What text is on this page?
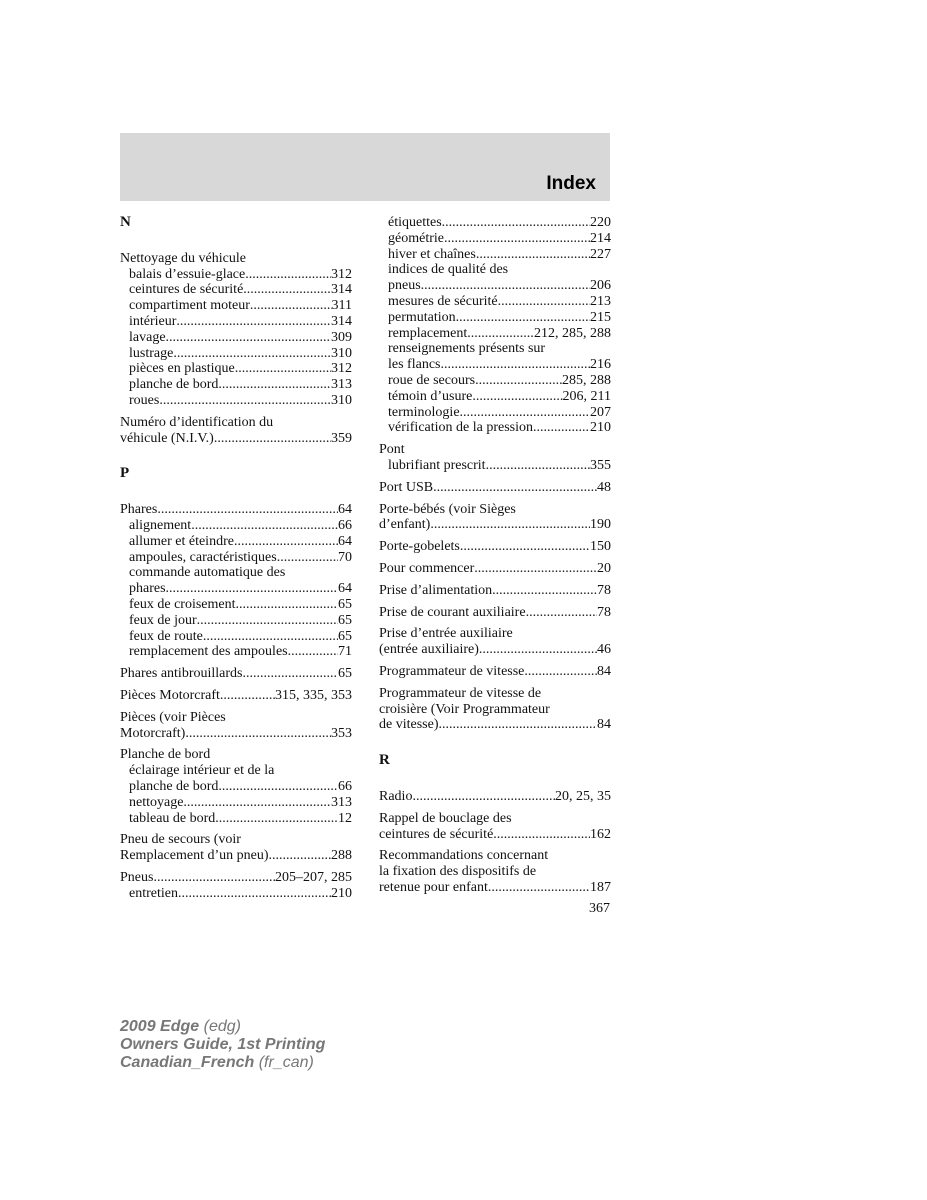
Index
N
Nettoyage du véhicule
balais d’essuie-glace .....	312
ceintures de sécurité .....	314
compartiment moteur .....	311
intérieur .....	314
lavage .....	309
lustrage .....	310
pièces en plastique .....	312
planche de bord .....	313
roues .....	310
Numéro d’identification du
véhicule (N.I.V.) .....	359
P
Phares .....	64
alignement .....	66
allumer et éteindre .....	64
ampoules, caractéristiques .....	70
commande automatique des
phares .....	64
feux de croisement .....	65
feux de jour .....	65
feux de route .....	65
remplacement des ampoules .....	71
Phares antibrouillards .....	65
Pièces Motorcraft .....	315, 335, 353
Pièces (voir Pièces
Motorcraft) .....	353
Planche de bord
éclairage intérieur et de la
planche de bord .....	66
nettoyage .....	313
tableau de bord .....	12
Pneu de secours (voir
Remplacement d’un pneu) .....	288
Pneus .....	205–207, 285
entretien .....	210
étiquettes .....	220
géométrie .....	214
hiver et chaînes .....	227
indices de qualité des
pneus .....	206
mesures de sécurité .....	213
permutation .....	215
remplacement .....	212, 285, 288
renseignements présents sur
les flancs .....	216
roue de secours .....	285, 288
témoin d’usure .....	206, 211
terminologie .....	207
vérification de la pression .....	210
Pont
lubrifiant prescrit .....	355
Port USB .....	48
Porte-bébés (voir Sièges
d’enfant) .....	190
Porte-gobelets .....	150
Pour commencer .....	20
Prise d’alimentation .....	78
Prise de courant auxiliaire .....	78
Prise d’entrée auxiliaire
(entrée auxiliaire) .....	46
Programmateur de vitesse .....	84
Programmateur de vitesse de
croisière (Voir Programmateur
de vitesse) .....	84
R
Radio .....	20, 25, 35
Rappel de bouclage des
ceintures de sécurité .....	162
Recommandations concernant
la fixation des dispositifs de
retenue pour enfant .....	187
367
2009 Edge (edg)
Owners Guide, 1st Printing
Canadian_French (fr_can)
